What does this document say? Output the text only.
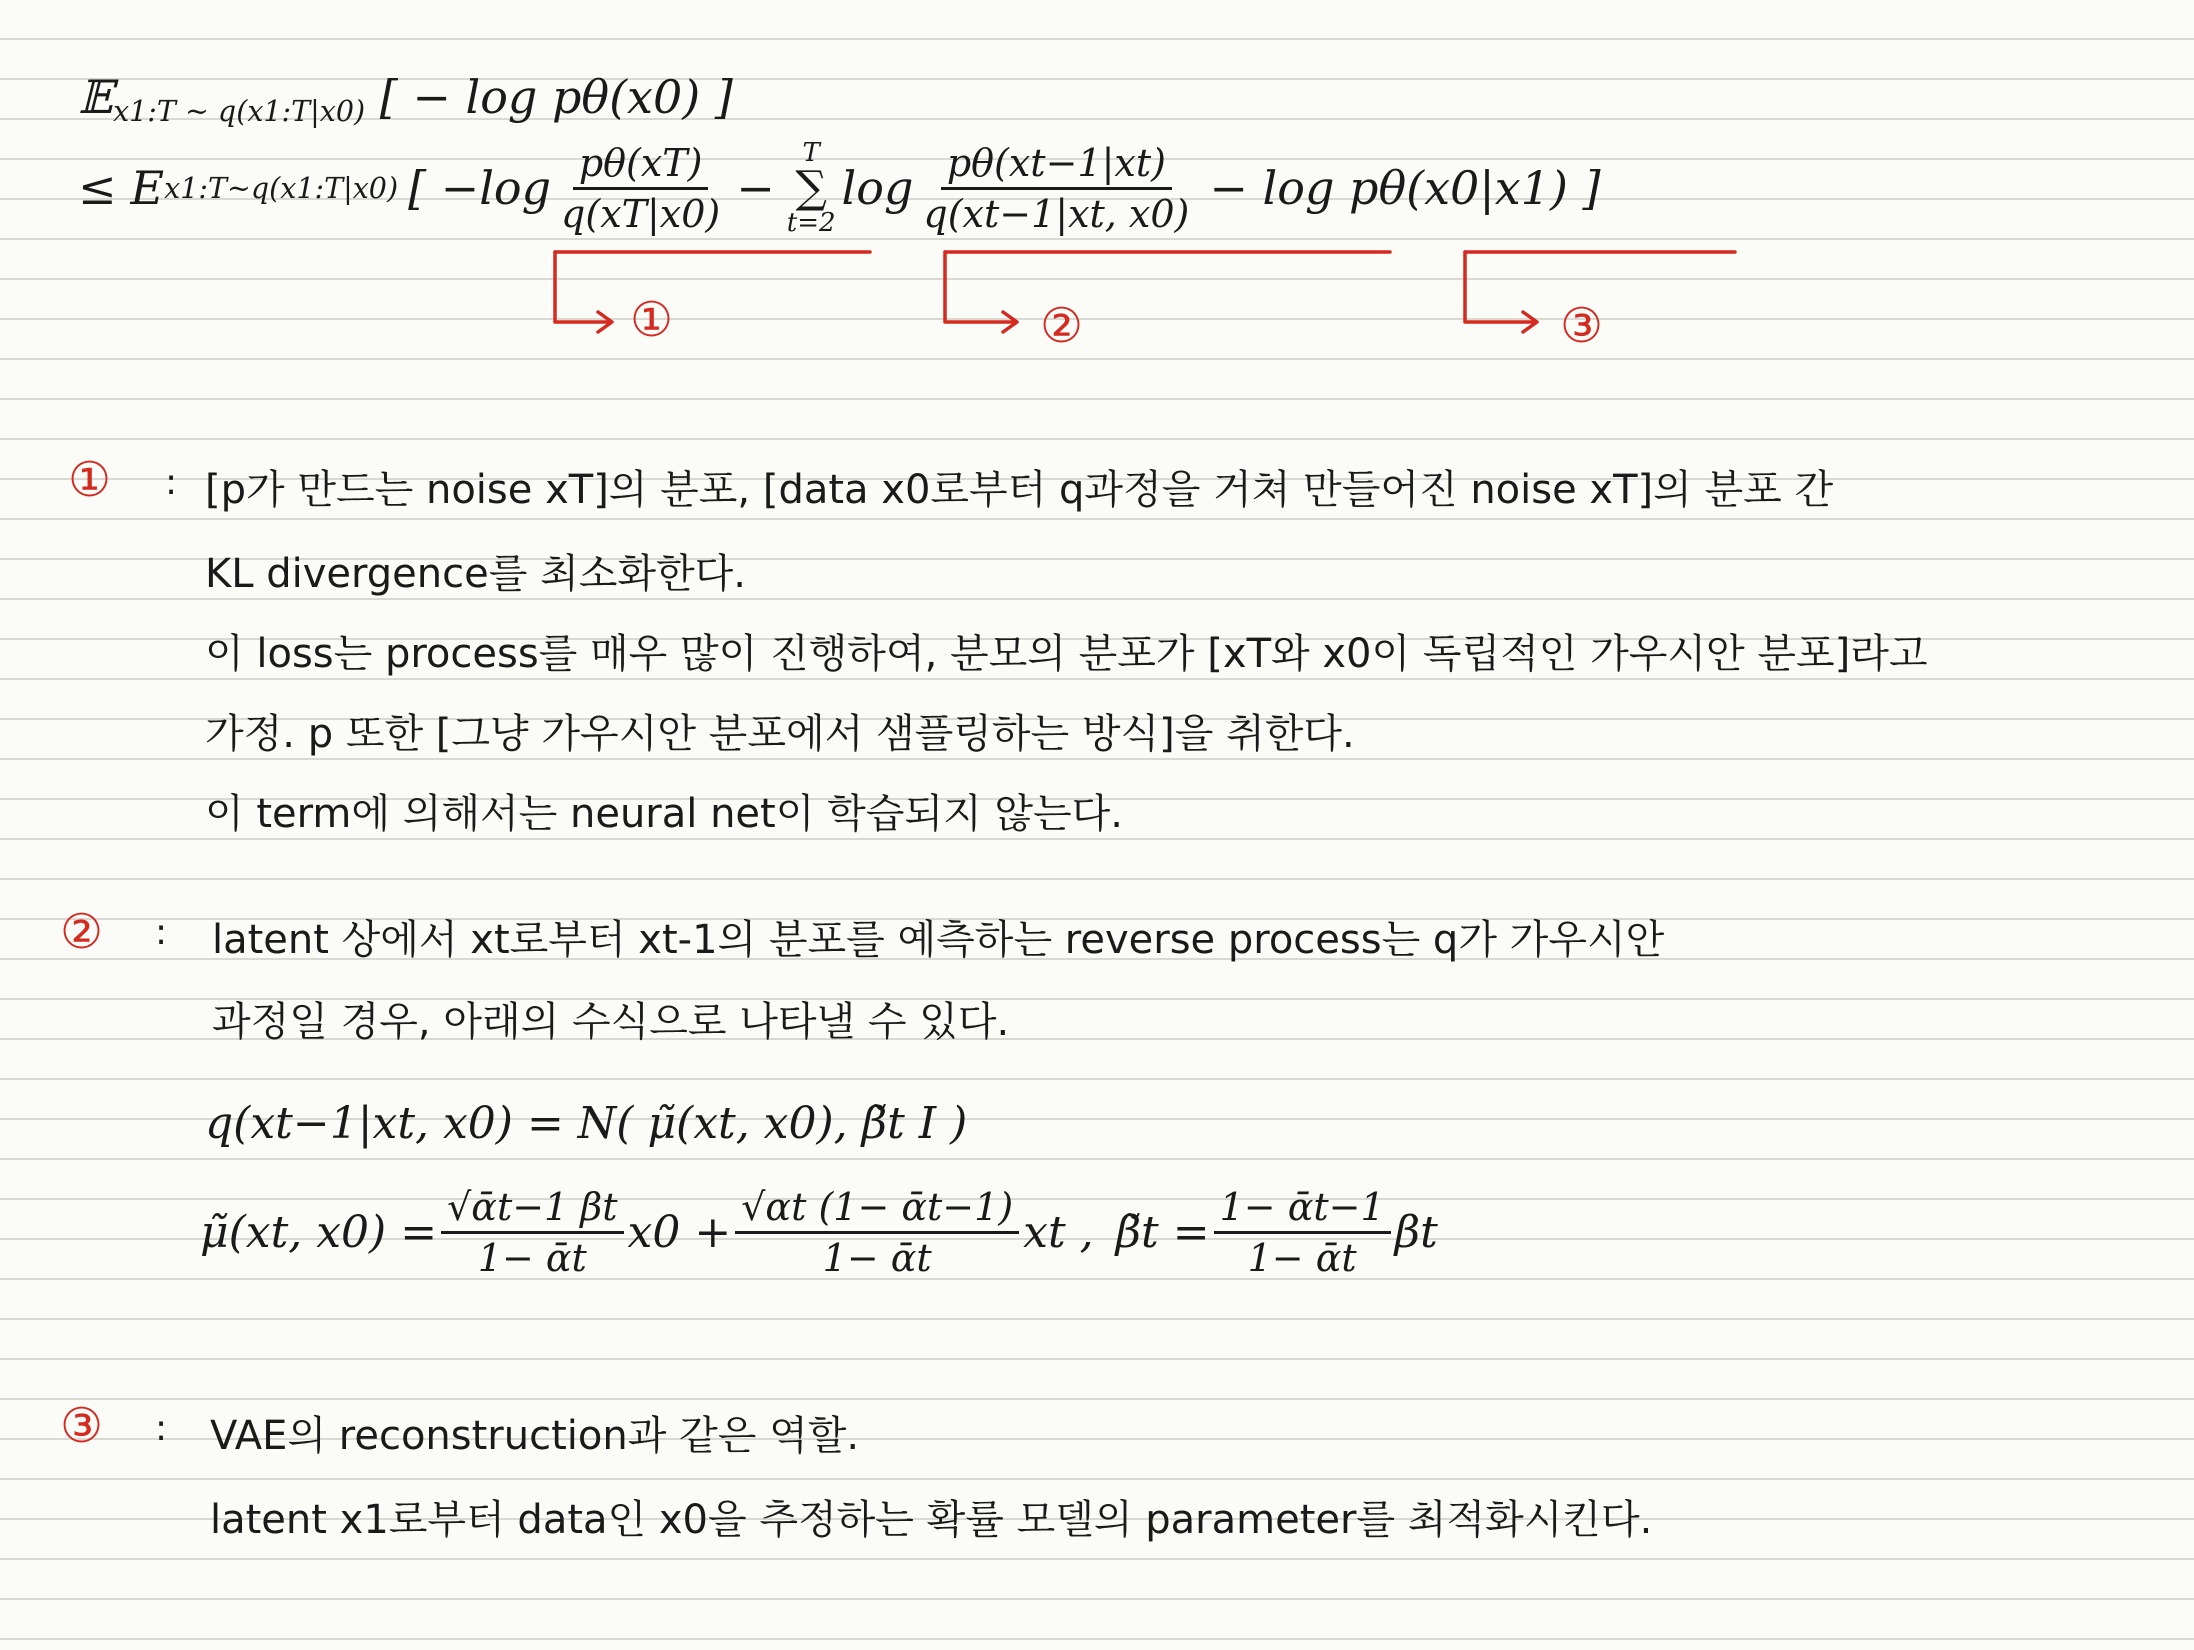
𝔼$_{x1:T \sim q(x1:T|x0)}$ [ − log pθ(x0) ]
≤ E x1:T~q(x1:T|x0) [ $-\log \frac{p\theta(xT)}{q(xT|x0)}$ −
T
∑
t=2
$\log \frac{p\theta(xt-1|xt)}{q(xt-1|xt, x0)} - \log p\theta(x0|x1)$ ]
①	②	③
① : [p가 만드는 noise xT]의 분포, [data x0로부터 q과정을 거쳐 만들어진 noise xT]의 분포 간
KL divergence를 최소화한다.
이 loss는 process를 매우 많이 진행하여, 분모의 분포가 [xT와 x0이 독립적인 가우시안 분포]라고
가정. p 또한 [그냥 가우시안 분포에서 샘플링하는 방식]을 취한다.
이 term에 의해서는 neural net이 학습되지 않는다.
② : latent 상에서 xt로부터 xt-1의 분포를 예측하는 reverse process는 q가 가우시안
과정일 경우, 아래의 수식으로 나타낼 수 있다.
q(xt−1|xt, x0) = N( μ̃(xt, x0), β̃t I )
μ̃(xt, $x0) = \frac{\text{√ᾱt−1 βt}}{\text{1− ᾱt}} x0 + \frac{\text{√αt (1− ᾱt−1)}}{\text{1− ᾱt}}$ xt , β̃t = $\frac{\text{1− ᾱt−1}}{\text{1− ᾱt}}$ βt
③ : VAE의 reconstruction과 같은 역할.
latent x1로부터 data인 x0을 추정하는 확률 모델의 parameter를 최적화시킨다.
